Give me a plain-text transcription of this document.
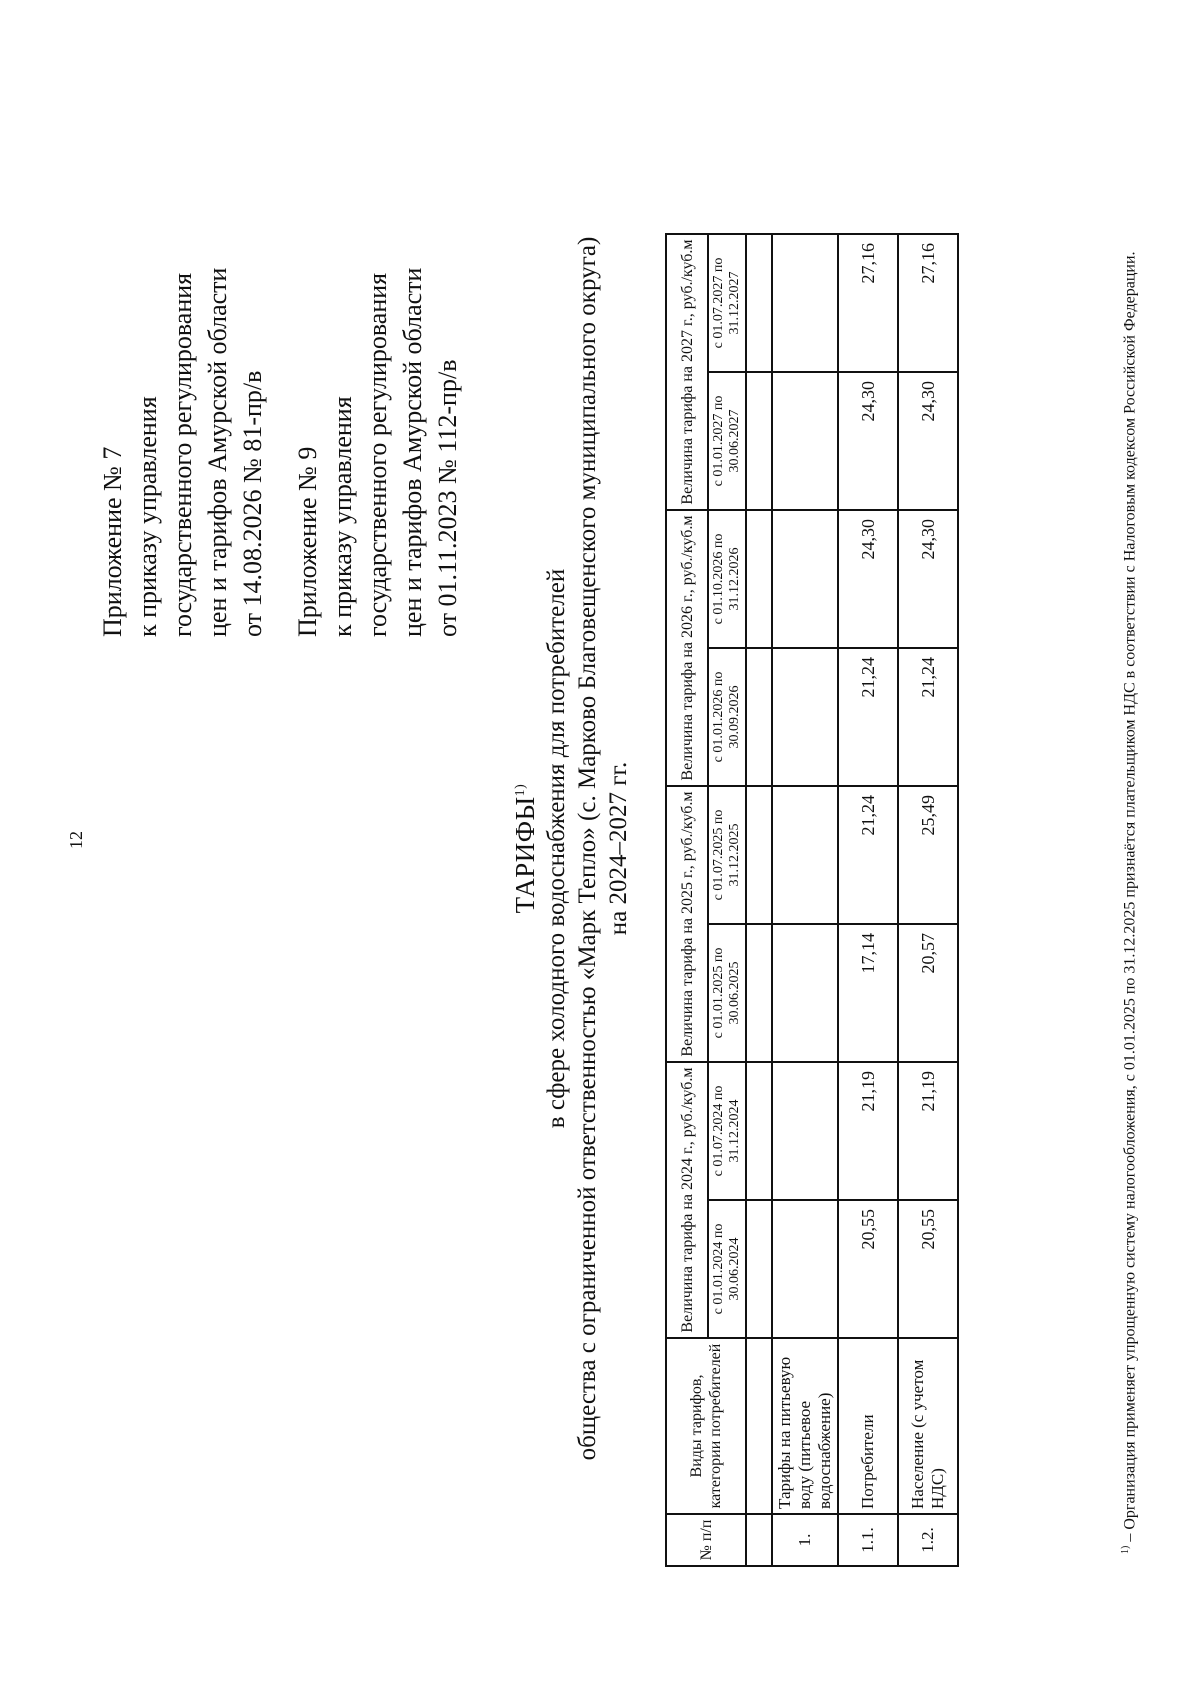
12
Приложение № 7 к приказу управления государственного регулирования цен и тарифов Амурской области от 14.08.2026 № 81-пр/в Приложение № 9 к приказу управления государственного регулирования цен и тарифов Амурской области от 01.11.2023 № 112-пр/в
ТАРИФЫ$^{1)}$ в сфере холодного водоснабжения для потребителей общества с ограниченной ответственностью «Марк Тепло» (с. Марково Благовещенского муниципального округа) на 2024–2027 гг.
№ п/п	Виды тарифов, категории потребителей	Величина тарифа на 2024 г., руб./куб.м		Величина тарифа на 2025 г., руб./куб.м		Величина тарифа на 2026 г., руб./куб.м		Величина тарифа на 2027 г., руб./куб.м	
		с 01.01.2024 по 30.06.2024	с 01.07.2024 по 31.12.2024	с 01.01.2025 по 30.06.2025	с 01.07.2025 по 31.12.2025	с 01.01.2026 по 30.09.2026	с 01.10.2026 по 31.12.2026	с 01.01.2027 по 30.06.2027	с 01.07.2027 по 31.12.2027

1.	Тарифы на питьевую воду (питьевое водоснабжение)								
1.1.	Потребители	20,55	21,19	17,14	21,24	21,24	24,30	24,30	27,16
1.2.	Население (с учетом НДС)	20,55	21,19	20,57	25,49	21,24	24,30	24,30	27,16
$^{1)}$ – Организация применяет упрощенную систему налогообложения, с 01.01.2025 по 31.12.2025 признаётся плательщиком НДС в соответствии с Налоговым кодексом Российской Федерации.
